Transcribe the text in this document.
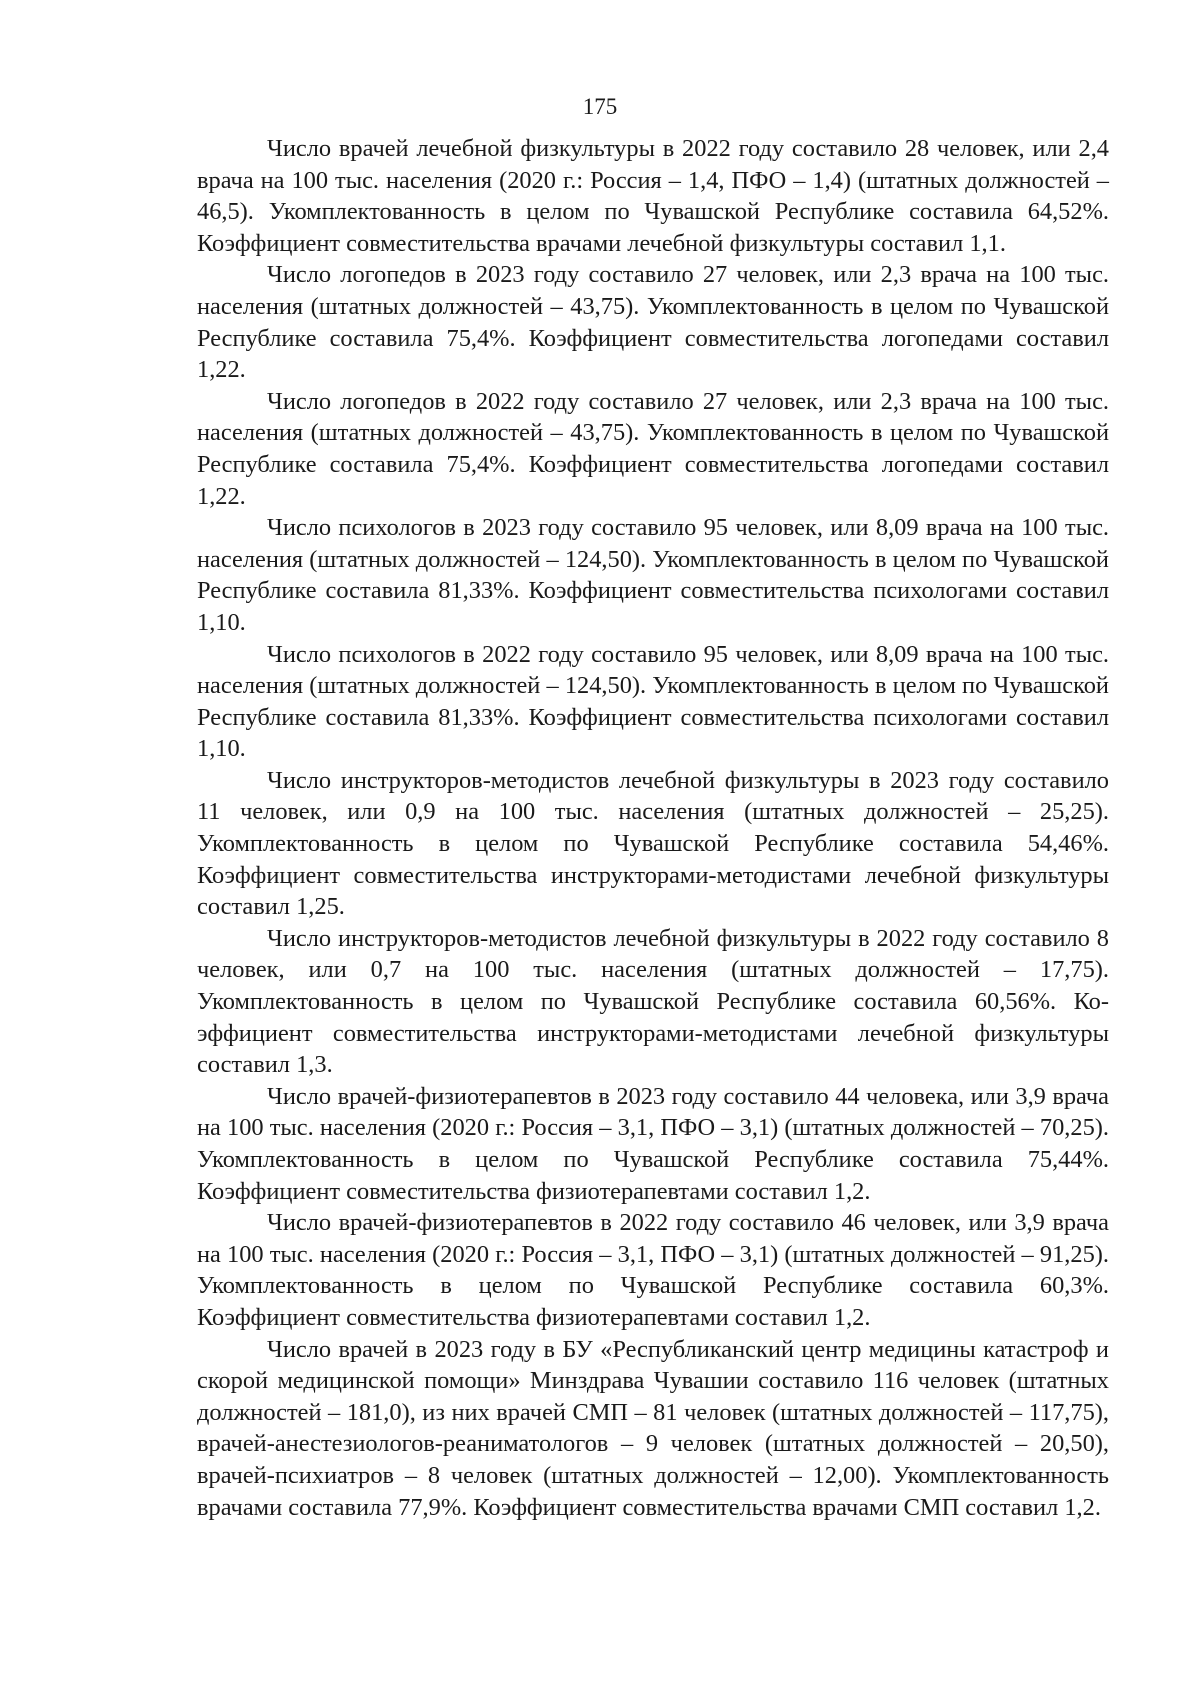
175

Число врачей лечебной физкультуры в 2022 году составило 28 человек, или 2,4 врача на 100 тыс. населения (2020 г.: Россия – 1,4, ПФО – 1,4) (штатных должностей – 46,5). Укомплектованность в целом по Чувашской Республике составила 64,52%. Коэффициент совместительства врачами лечебной физкультуры составил 1,1.

Число логопедов в 2023 году составило 27 человек, или 2,3 врача на 100 тыс. населения (штатных должностей – 43,75). Укомплектованность в целом по Чувашской Республике составила 75,4%. Коэффициент совместительства логопедами составил 1,22.

Число логопедов в 2022 году составило 27 человек, или 2,3 врача на 100 тыс. населения (штатных должностей – 43,75). Укомплектованность в целом по Чувашской Республике составила 75,4%. Коэффициент совместительства логопедами составил 1,22.

Число психологов в 2023 году составило 95 человек, или 8,09 врача на 100 тыс. населения (штатных должностей – 124,50). Укомплектованность в целом по Чувашской Республике составила 81,33%. Коэффициент совместительства психологами составил 1,10.

Число психологов в 2022 году составило 95 человек, или 8,09 врача на 100 тыс. населения (штатных должностей – 124,50). Укомплектованность в целом по Чувашской Республике составила 81,33%. Коэффициент совместительства психологами составил 1,10.

Число инструкторов-методистов лечебной физкультуры в 2023 году составило 11 человек, или 0,9 на 100 тыс. населения (штатных должностей – 25,25). Укомплектованность в целом по Чувашской Республике составила 54,46%. Коэффициент совместительства инструкторами-методистами лечебной физкультуры составил 1,25.

Число инструкторов-методистов лечебной физкультуры в 2022 году составило 8 человек, или 0,7 на 100 тыс. населения (штатных должностей – 17,75). Укомплектованность в целом по Чувашской Республике составила 60,56%. Коэффициент совместительства инструкторами-методистами лечебной физкультуры составил 1,3.

Число врачей-физиотерапевтов в 2023 году составило 44 человека, или 3,9 врача на 100 тыс. населения (2020 г.: Россия – 3,1, ПФО – 3,1) (штатных должностей – 70,25). Укомплектованность в целом по Чувашской Республике составила 75,44%. Коэффициент совместительства физиотерапевтами составил 1,2.

Число врачей-физиотерапевтов в 2022 году составило 46 человек, или 3,9 врача на 100 тыс. населения (2020 г.: Россия – 3,1, ПФО – 3,1) (штатных должностей – 91,25). Укомплектованность в целом по Чувашской Республике составила 60,3%. Коэффициент совместительства физиотерапевтами составил 1,2.

Число врачей в 2023 году в БУ «Республиканский центр медицины катастроф и скорой медицинской помощи» Минздрава Чувашии составило 116 человек (штатных должностей – 181,0), из них врачей СМП – 81 человек (штатных должностей – 117,75), врачей-анестезиологов-реаниматологов – 9 человек (штатных должностей – 20,50), врачей-психиатров – 8 человек (штатных должностей – 12,00). Укомплектованность врачами составила 77,9%. Коэффициент совместительства врачами СМП составил 1,2.
